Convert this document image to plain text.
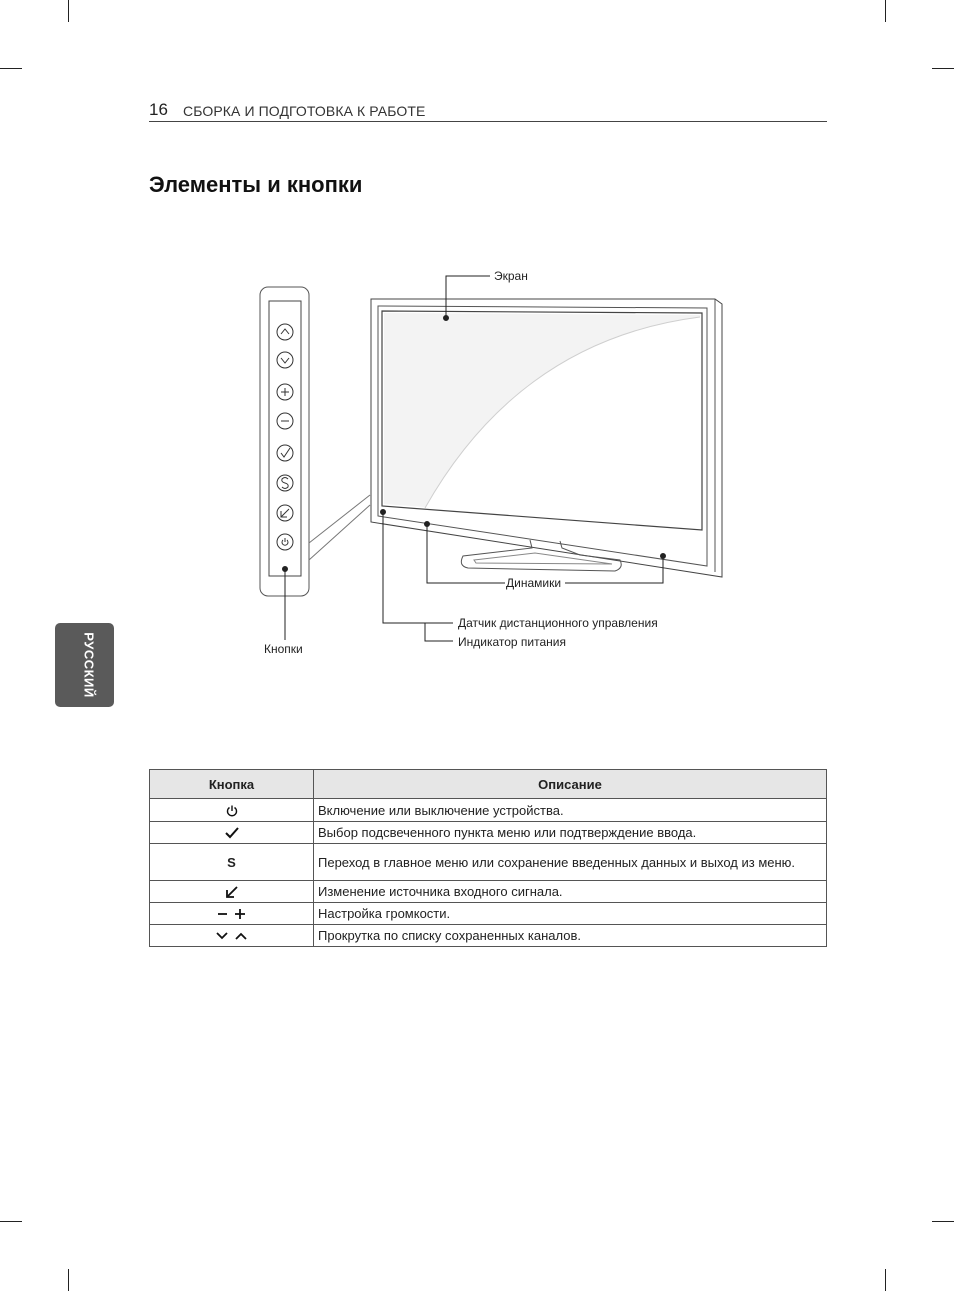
16 СБОРКА И ПОДГОТОВКА К РАБОТЕ
Элементы и кнопки
РУССКИЙ
Экран
Динамики
Датчик дистанционного управления
Индикатор питания
Кнопки
Кнопка	Описание
	Включение или выключение устройства.
	Выбор подсвеченного пункта меню или подтверждение ввода.
S	Переход в главное меню или сохранение введенных данных и выход из меню.
	Изменение источника входного сигнала.
	Настройка громкости.
	Прокрутка по списку сохраненных каналов.
